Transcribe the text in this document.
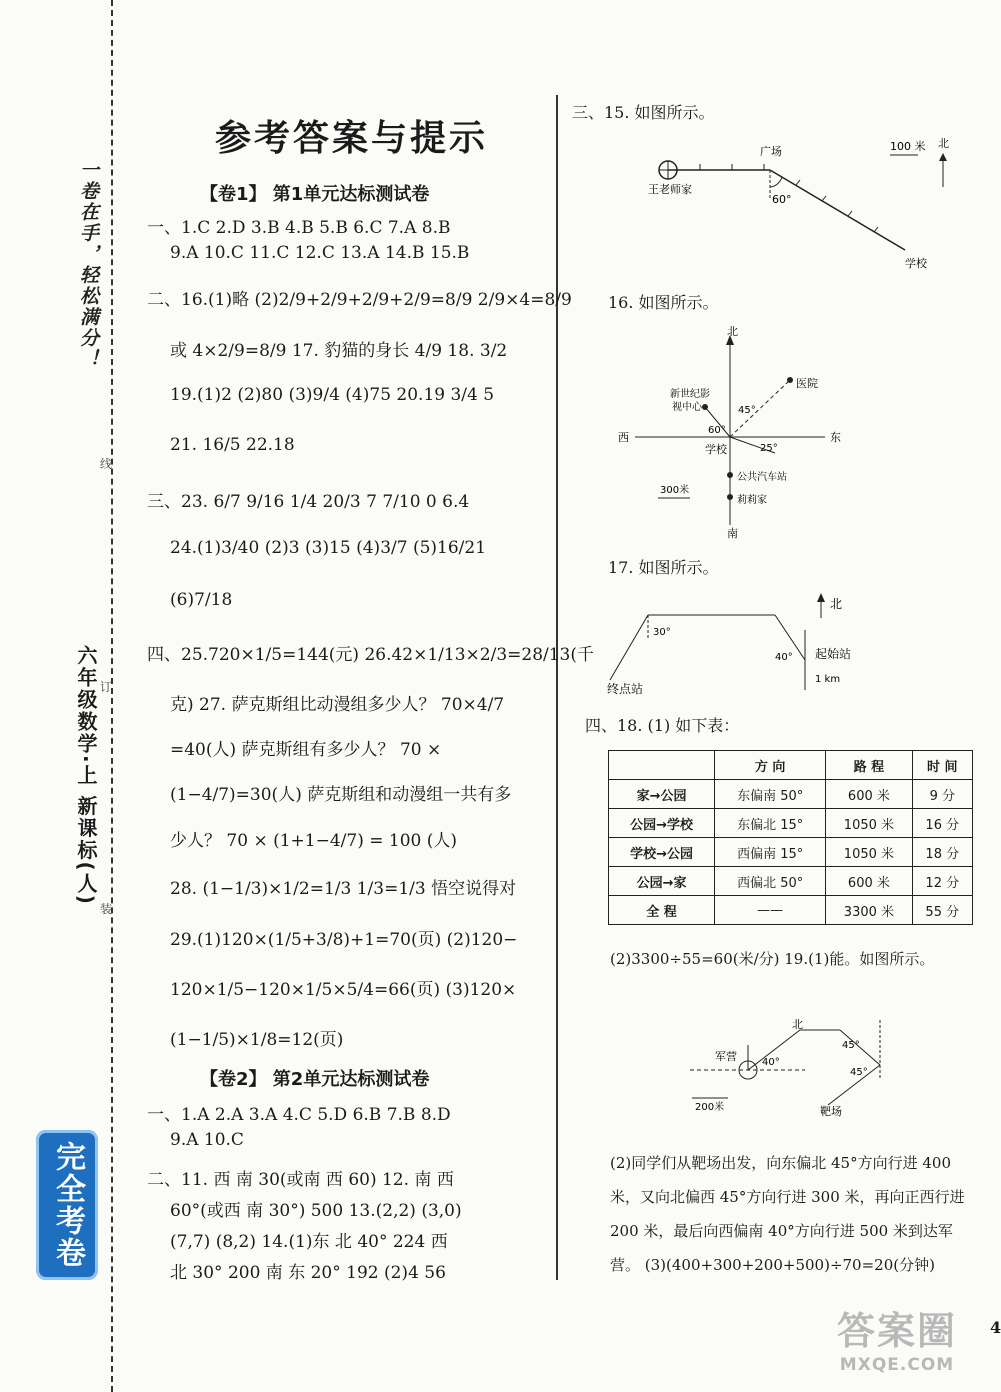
一卷在手，轻松满分！
六年级数学·上 新课标(人)
线
订
装
完全考卷
参考答案与提示
【卷1】 第1单元达标测试卷
一、1.C 2.D 3.B 4.B 5.B 6.C 7.A 8.B
9.A 10.C 11.C 12.C 13.A 14.B 15.B
二、16.(1)略 (2)2/9+2/9+2/9+2/9=8/9 2/9×4=8/9
或 4×2/9=8/9 17. 豹猫的身长 4/9 18. 3/2
19.(1)2 (2)80 (3)9/4 (4)75 20.19 3/4 5
21. 16/5 22.18
三、23. 6/7 9/16 1/4 20/3 7 7/10 0 6.4
24.(1)3/40 (2)3 (3)15 (4)3/7 (5)16/21
(6)7/18
四、25.720×1/5=144(元) 26.42×1/13×2/3=28/13(千
克) 27. 萨克斯组比动漫组多少人？ 70×4/7
=40(人) 萨克斯组有多少人？ 70 ×
(1−4/7)=30(人) 萨克斯组和动漫组一共有多
少人？ 70 × (1+1−4/7) = 100 (人)
28. (1−1/3)×1/2=1/3 1/3=1/3 悟空说得对
29.(1)120×(1/5+3/8)+1=70(页) (2)120−
120×1/5−120×1/5×5/4=66(页) (3)120×
(1−1/5)×1/8=12(页)
【卷2】 第2单元达标测试卷
一、1.A 2.A 3.A 4.C 5.D 6.B 7.B 8.D
9.A 10.C
二、11. 西 南 30(或南 西 60) 12. 南 西
60°(或西 南 30°) 500 13.(2,2) (3,0)
(7,7) (8,2) 14.(1)东 北 40° 224 西
北 30° 200 南 东 20° 192 (2)4 56
三、15. 如图所示。
王老师家
广场
学校
60°
100 米 北
16. 如图所示。
北
南
东
西
医院
新世纪影
视中心
学校
公共汽车站
莉莉家
300米
45°
60°
25°
17. 如图所示。
30°
40° 起始站
终点站
北
1 km
四、18. (1) 如下表：
	方 向	路 程	时 间
家→公园	东偏南 50°	600 米	9 分
公园→学校	东偏北 15°	1050 米	16 分
学校→公园	西偏南 15°	1050 米	18 分
公园→家	西偏北 50°	600 米	12 分
全 程	——	3300 米	55 分
(2)3300÷55=60(米/分) 19.(1)能。如图所示。
军营
靶场
40°
45°
45°
北
200米
(2)同学们从靶场出发，向东偏北 45°方向行进 400 米，又向北偏西 45°方向行进 300 米，再向正西行进 200 米，最后向西偏南 40°方向行进 500 米到达军营。 (3)(400+300+200+500)÷70=20(分钟)
4
答案圈
MXQE.COM
